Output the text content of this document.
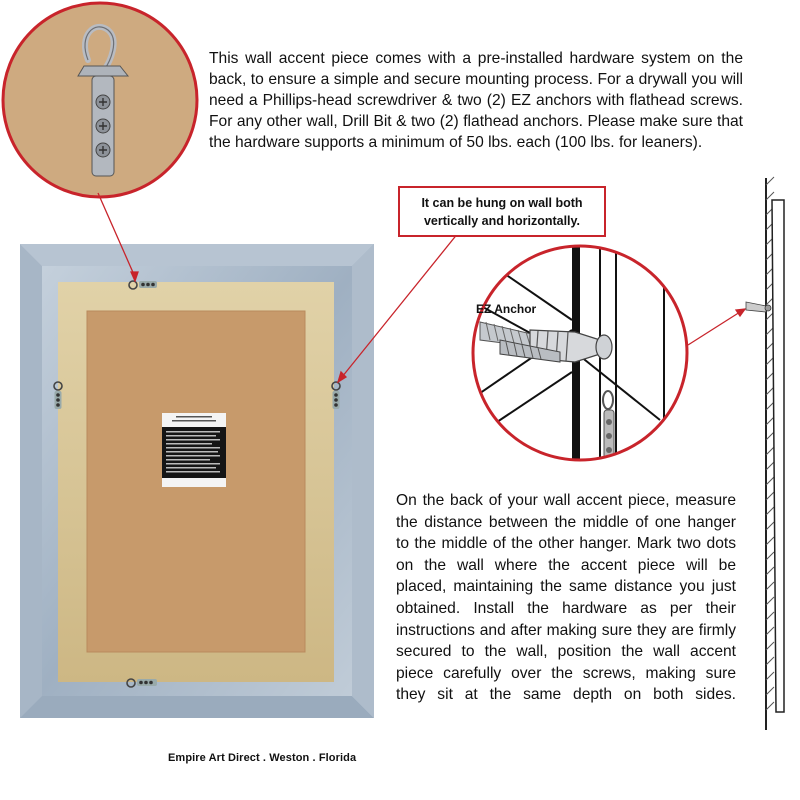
This wall accent piece comes with a pre-installed hardware system on the back, to ensure a simple and secure mounting process. For a drywall you will need a Phillips-head screwdriver & two (2) EZ anchors with flathead screws. For any other wall, Drill Bit & two (2) flathead anchors. Please make sure that the hardware supports a minimum of 50 lbs. each (100 lbs. for leaners).
It can be hung on wall both vertically and horizontally.
EZ Anchor
On the back of your wall accent piece, measure the distance between the middle of one hanger to the middle of the other hanger. Mark two dots on the wall where the accent piece will be placed, maintaining the same distance you just obtained. Install the hardware as per their instructions and after making sure they are firmly secured to the wall, position the wall accent piece carefully over the screws, making sure they sit at the same depth on both sides.
Empire Art Direct . Weston . Florida
